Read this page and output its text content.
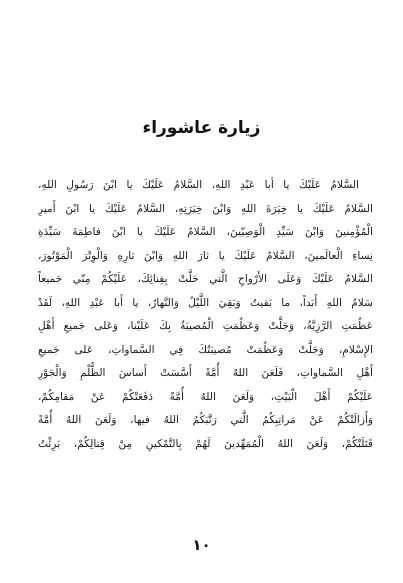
زيارة عاشوراء
السَّلامُ عَلَيْكَ يا أبا عَبْدِ اللهِ، السَّلامُ عَلَيْكَ يا ابْنَ رَسُولِ اللهِ،
السَّلامُ عَلَيْكَ يا خِيَرَةَ اللهِ وَابْنَ خِيَرَتِهِ، السَّلامُ عَلَيْكَ يا ابْنَ أَميرِ
الْمُؤْمِنينَ وَابْنَ سَيِّدِ الْوَصِيّينَ، السَّلامُ عَلَيْكَ يا ابْنَ فاطِمَةَ سَيِّدَةِ
نِساءِ الْعالَمينَ، السَّلامُ عَلَيْكَ يا ثارَ اللهِ وَابْنَ ثارِهِ وَالْوِتْرَ الْمَوْتُورَ،
السَّلامُ عَلَيْكَ وَعَلَى الأَرْواحِ الَّتي حَلَّتْ بِفِنائِكَ، عَلَيْكُمْ مِنّي جَميعاً
سَلامُ اللهِ أَبَداً، ما بَقيتُ وَبَقِيَ اللَّيْلُ وَالنَّهارُ، يا أَبا عَبْدِ اللهِ، لَقَدْ
عَظُمَتِ الرَّزِيَّةُ، وَجَلَّتْ وَعَظُمَتِ الْمُصيبَةُ بِكَ عَلَيْنا، وَعَلى جَميعِ أَهْلِ
الإِسْلامِ، وَجَلَّتْ وَعَظُمَتْ مُصيبَتُكَ فِي السَّماواتِ، عَلى جَميعِ
أَهْلِ السَّماواتِ، فَلَعَنَ اللهُ أُمَّةً أَسَّسَتْ أَساسَ الظُّلْمِ وَالْجَوْرِ
عَلَيْكُمْ أَهْلَ الْبَيْتِ، وَلَعَنَ اللهُ أُمَّةً دَفَعَتْكُمْ عَنْ مَقامِكُمْ،
وَأَزالَتْكُمْ عَنْ مَراتِبِكُمُ الَّتي رَتَّبَكُمُ اللهُ فيها، وَلَعَنَ اللهُ أُمَّةً
قَتَلَتْكُمْ، وَلَعَنَ اللهُ الْمُمَهِّدينَ لَهُمْ بِالتَّمْكينِ مِنْ قِتالِكُمْ، بَرِئْتُ
١٠
